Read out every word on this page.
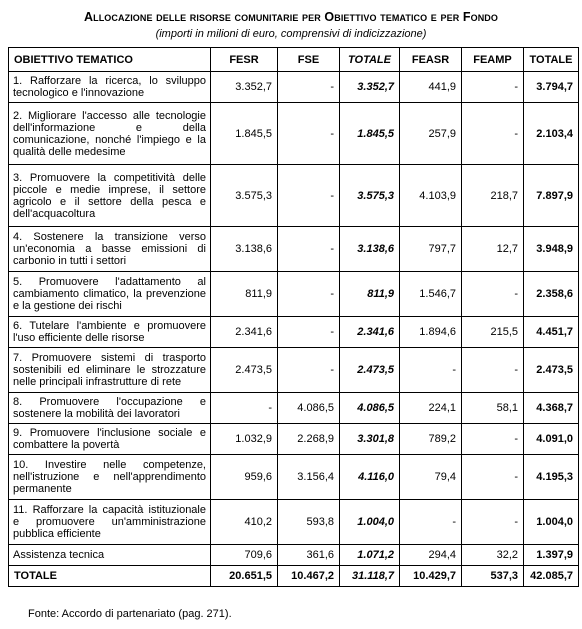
Allocazione delle risorse comunitarie per Obiettivo tematico e per Fondo
(importi in milioni di euro, comprensivi di indicizzazione)
OBIETTIVO TEMATICO	FESR	FSE	TOTALE	FEASR	FEAMP	TOTALE
1. Rafforzare la ricerca, lo sviluppo tecnologico e l'innovazione	3.352,7	-	3.352,7	441,9	-	3.794,7
2. Migliorare l'accesso alle tecnologie dell'informazione e della comunicazione, nonché l'impiego e la qualità delle medesime	1.845,5	-	1.845,5	257,9	-	2.103,4
3. Promuovere la competitività delle piccole e medie imprese, il settore agricolo e il settore della pesca e dell'acquacoltura	3.575,3	-	3.575,3	4.103,9	218,7	7.897,9
4. Sostenere la transizione verso un'economia a basse emissioni di carbonio in tutti i settori	3.138,6	-	3.138,6	797,7	12,7	3.948,9
5. Promuovere l'adattamento al cambiamento climatico, la prevenzione e la gestione dei rischi	811,9	-	811,9	1.546,7	-	2.358,6
6. Tutelare l'ambiente e promuovere l'uso efficiente delle risorse	2.341,6	-	2.341,6	1.894,6	215,5	4.451,7
7. Promuovere sistemi di trasporto sostenibili ed eliminare le strozzature nelle principali infrastrutture di rete	2.473,5	-	2.473,5	-	-	2.473,5
8. Promuovere l'occupazione e sostenere la mobilità dei lavoratori	-	4.086,5	4.086,5	224,1	58,1	4.368,7
9. Promuovere l'inclusione sociale e combattere la povertà	1.032,9	2.268,9	3.301,8	789,2	-	4.091,0
10. Investire nelle competenze, nell'istruzione e nell'apprendimento permanente	959,6	3.156,4	4.116,0	79,4	-	4.195,3
11. Rafforzare la capacità istituzionale e promuovere un'amministrazione pubblica efficiente	410,2	593,8	1.004,0	-	-	1.004,0
Assistenza tecnica	709,6	361,6	1.071,2	294,4	32,2	1.397,9
TOTALE	20.651,5	10.467,2	31.118,7	10.429,7	537,3	42.085,7
Fonte: Accordo di partenariato (pag. 271).
